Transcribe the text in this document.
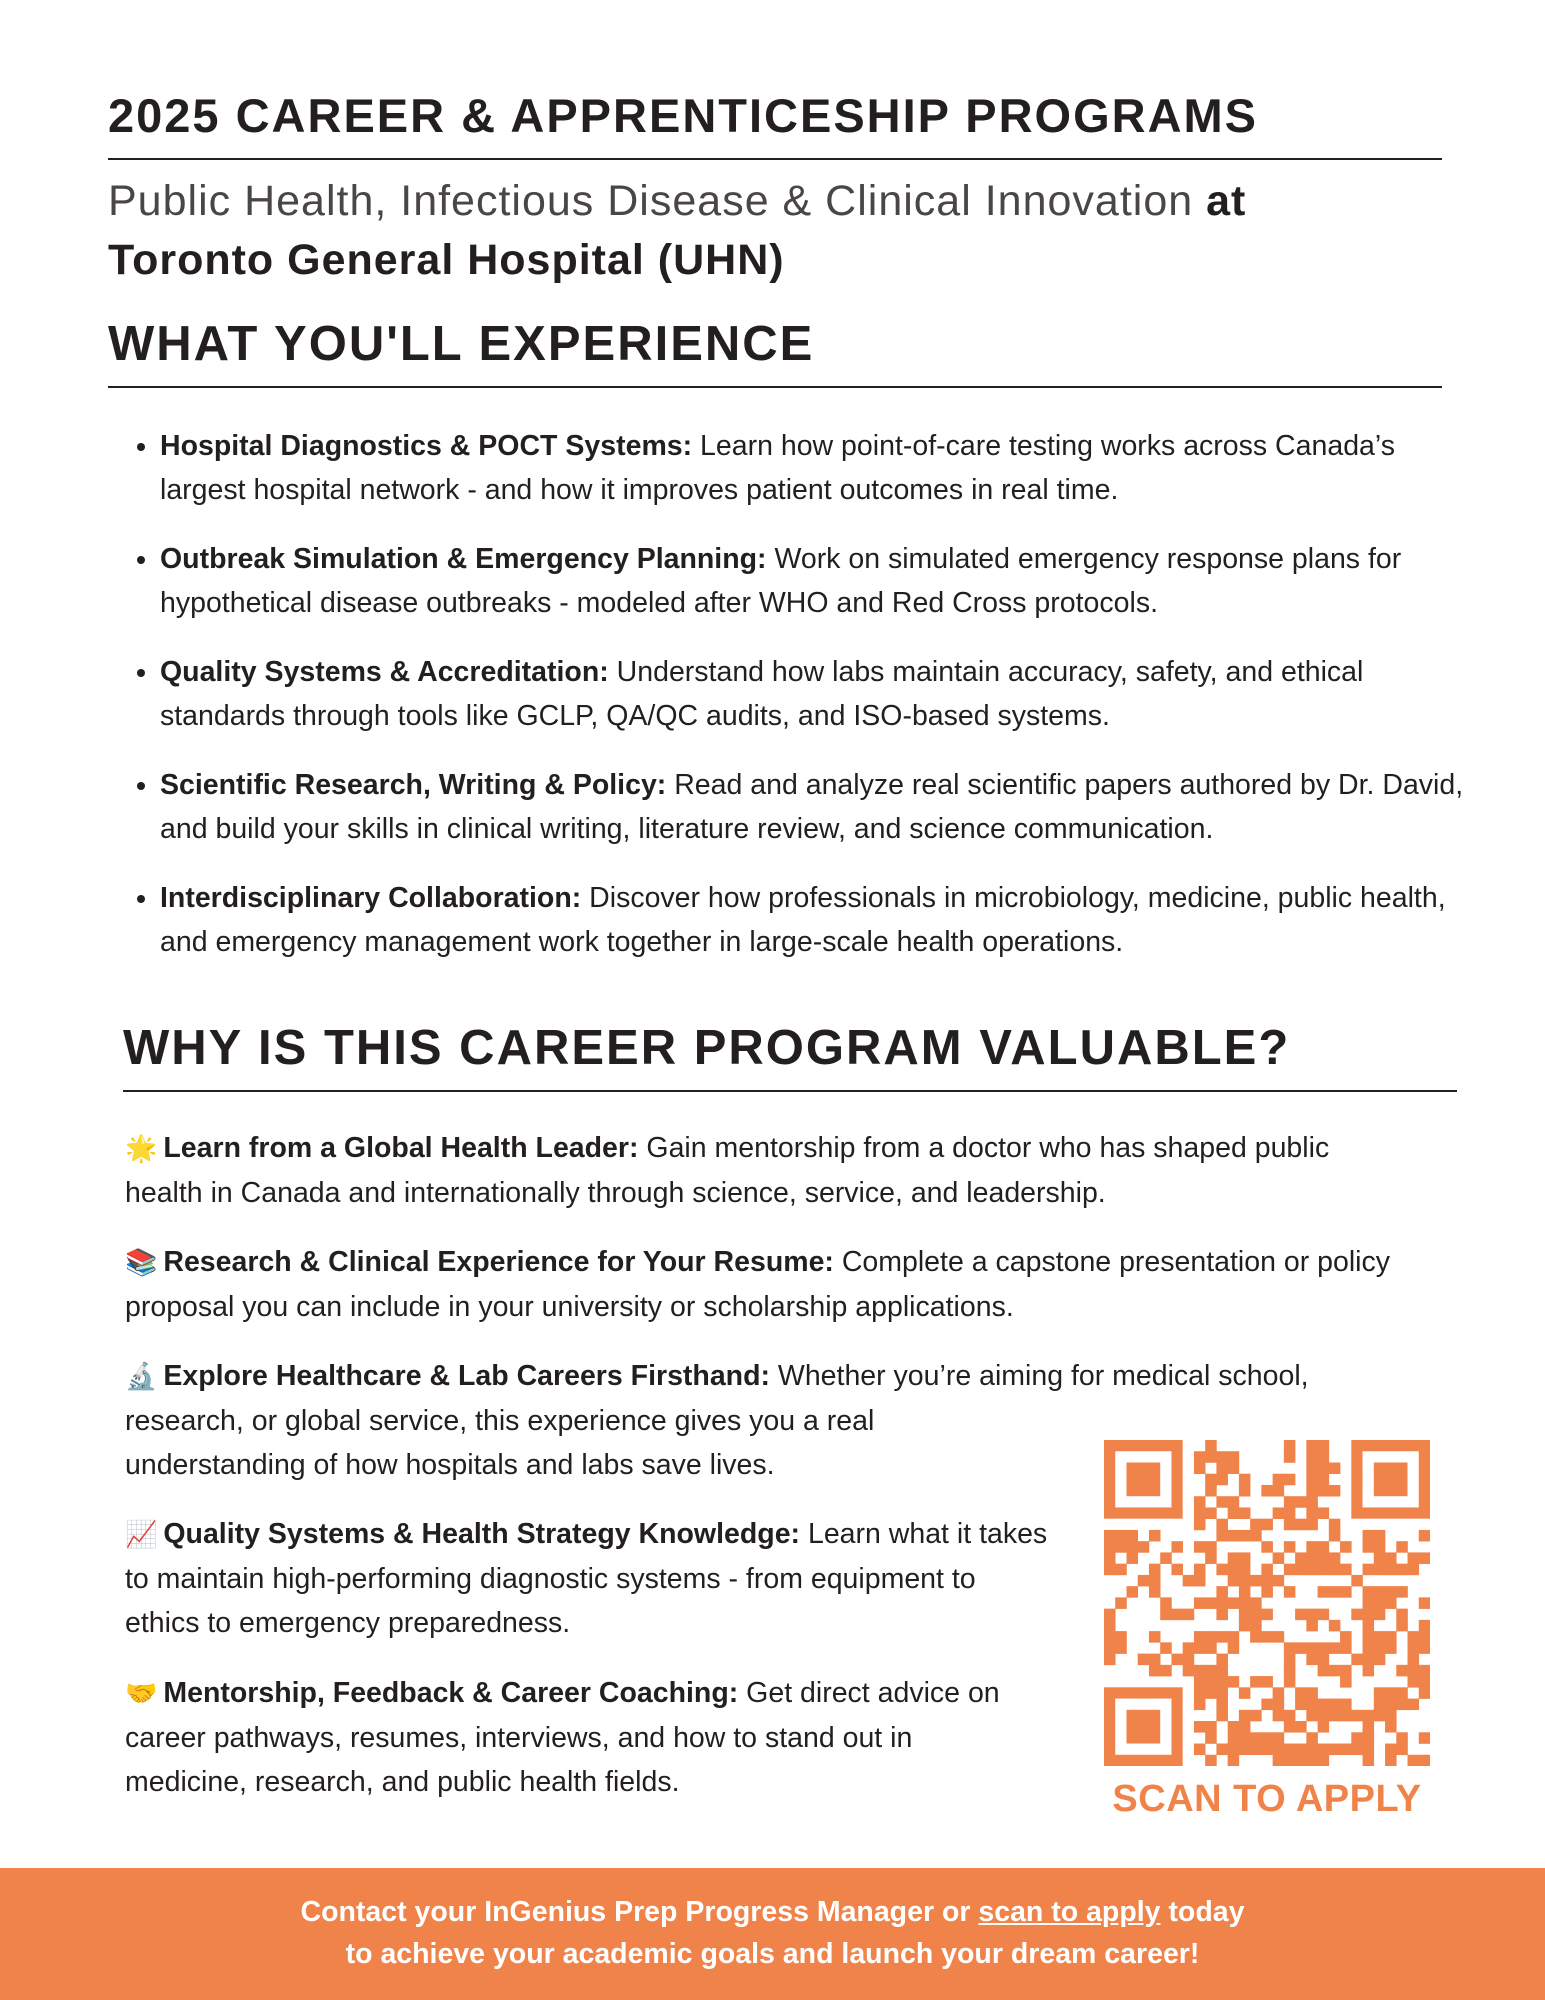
2025 CAREER & APPRENTICESHIP PROGRAMS
Public Health, Infectious Disease & Clinical Innovation at
Toronto General Hospital (UHN)
WHAT YOU'LL EXPERIENCE
• Hospital Diagnostics & POCT Systems: Learn how point-of-care testing works across Canada’s largest hospital network - and how it improves patient outcomes in real time.
• Outbreak Simulation & Emergency Planning: Work on simulated emergency response plans for hypothetical disease outbreaks - modeled after WHO and Red Cross protocols.
• Quality Systems & Accreditation: Understand how labs maintain accuracy, safety, and ethical standards through tools like GCLP, QA/QC audits, and ISO-based systems.
• Scientific Research, Writing & Policy: Read and analyze real scientific papers authored by Dr. David, and build your skills in clinical writing, literature review, and science communication.
• Interdisciplinary Collaboration: Discover how professionals in microbiology, medicine, public health, and emergency management work together in large-scale health operations.
WHY IS THIS CAREER PROGRAM VALUABLE?
🌟 Learn from a Global Health Leader: Gain mentorship from a doctor who has shaped public
health in Canada and internationally through science, service, and leadership.
📚 Research & Clinical Experience for Your Resume: Complete a capstone presentation or policy
proposal you can include in your university or scholarship applications.
🔬 Explore Healthcare & Lab Careers Firsthand: Whether you’re aiming for medical school,
research, or global service, this experience gives you a real
understanding of how hospitals and labs save lives.
📈 Quality Systems & Health Strategy Knowledge: Learn what it takes
to maintain high-performing diagnostic systems - from equipment to
ethics to emergency preparedness.
🤝 Mentorship, Feedback & Career Coaching: Get direct advice on
career pathways, resumes, interviews, and how to stand out in
medicine, research, and public health fields.	SCAN TO APPLY
Contact your InGenius Prep Progress Manager or scan to apply today
to achieve your academic goals and launch your dream career!
